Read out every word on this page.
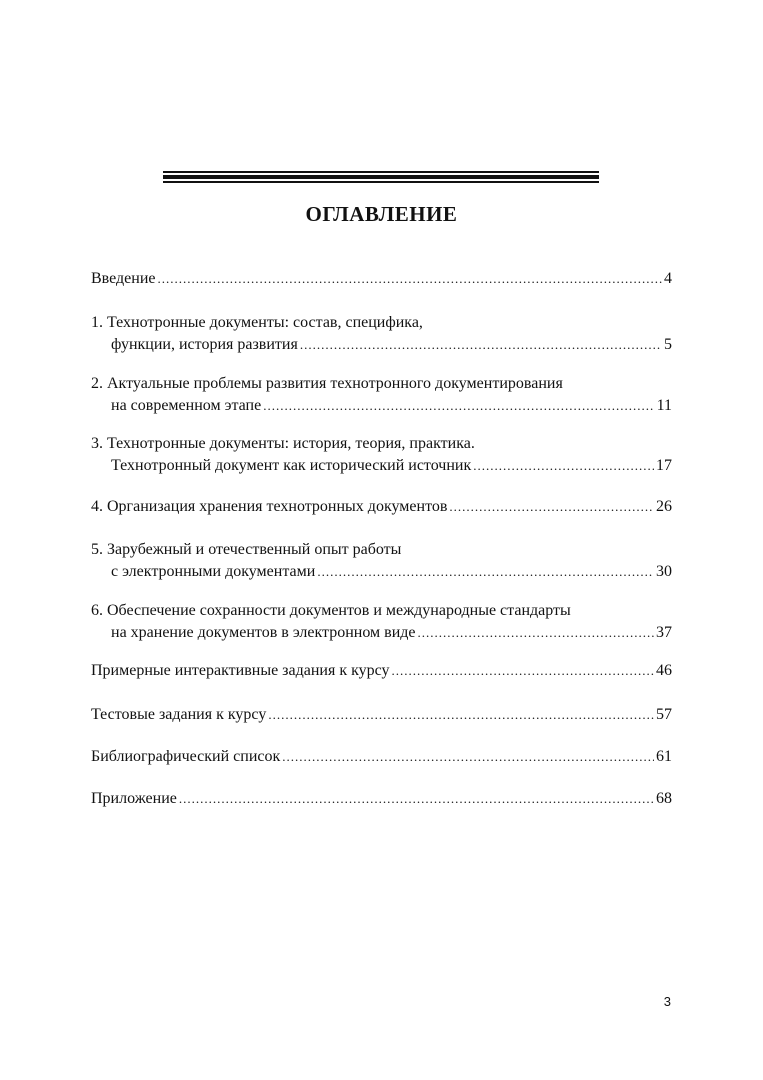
ОГЛАВЛЕНИЕ
Введение .....	4
1. Технотронные документы: состав, специфика,
функции, история развития .....	5
2. Актуальные проблемы развития технотронного документирования
на современном этапе .....	11
3. Технотронные документы: история, теория, практика.
Технотронный документ как исторический источник .....	17
4. Организация хранения технотронных документов .....	26
5. Зарубежный и отечественный опыт работы
с электронными документами .....	30
6. Обеспечение сохранности документов и международные стандарты
на хранение документов в электронном виде .....	37
Примерные интерактивные задания к курсу .....	46
Тестовые задания к курсу .....	57
Библиографический список .....	61
Приложение .....	68
3
